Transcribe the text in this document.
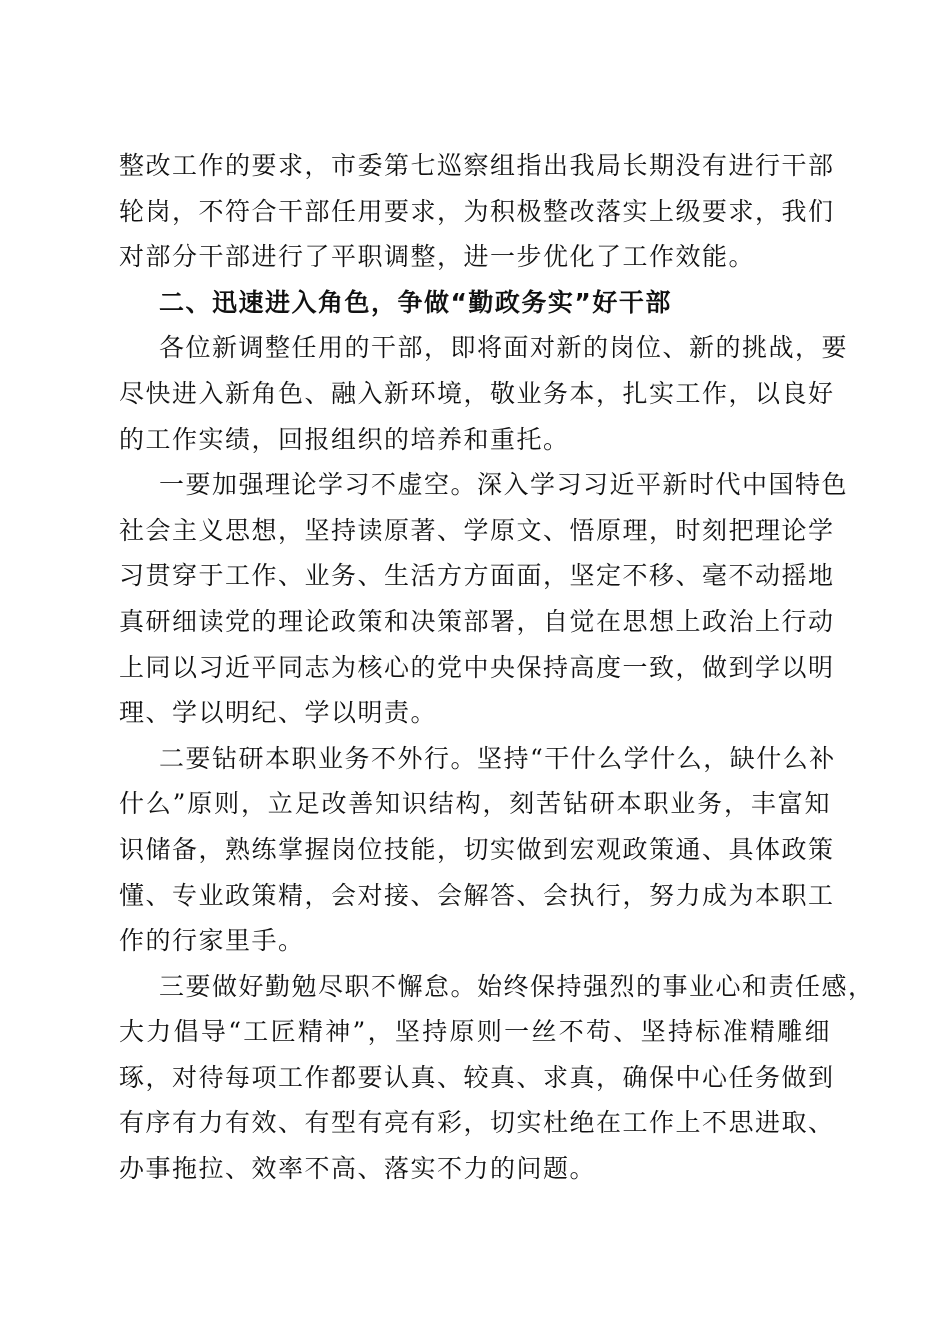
整改工作的要求，市委第七巡察组指出我局长期没有进行干部
轮岗，不符合干部任用要求，为积极整改落实上级要求，我们
对部分干部进行了平职调整，进一步优化了工作效能。
二、迅速进入角色，争做“勤政务实”好干部
各位新调整任用的干部，即将面对新的岗位、新的挑战，要
尽快进入新角色、融入新环境，敬业务本，扎实工作，以良好
的工作实绩，回报组织的培养和重托。
一要加强理论学习不虚空。深入学习习近平新时代中国特色
社会主义思想，坚持读原著、学原文、悟原理，时刻把理论学
习贯穿于工作、业务、生活方方面面，坚定不移、毫不动摇地
真研细读党的理论政策和决策部署，自觉在思想上政治上行动
上同以习近平同志为核心的党中央保持高度一致，做到学以明
理、学以明纪、学以明责。
二要钻研本职业务不外行。坚持“干什么学什么，缺什么补
什么”原则，立足改善知识结构，刻苦钻研本职业务，丰富知
识储备，熟练掌握岗位技能，切实做到宏观政策通、具体政策
懂、专业政策精，会对接、会解答、会执行，努力成为本职工
作的行家里手。
三要做好勤勉尽职不懈怠。始终保持强烈的事业心和责任感，
大力倡导“工匠精神”，坚持原则一丝不苟、坚持标准精雕细
琢，对待每项工作都要认真、较真、求真，确保中心任务做到
有序有力有效、有型有亮有彩，切实杜绝在工作上不思进取、
办事拖拉、效率不高、落实不力的问题。
